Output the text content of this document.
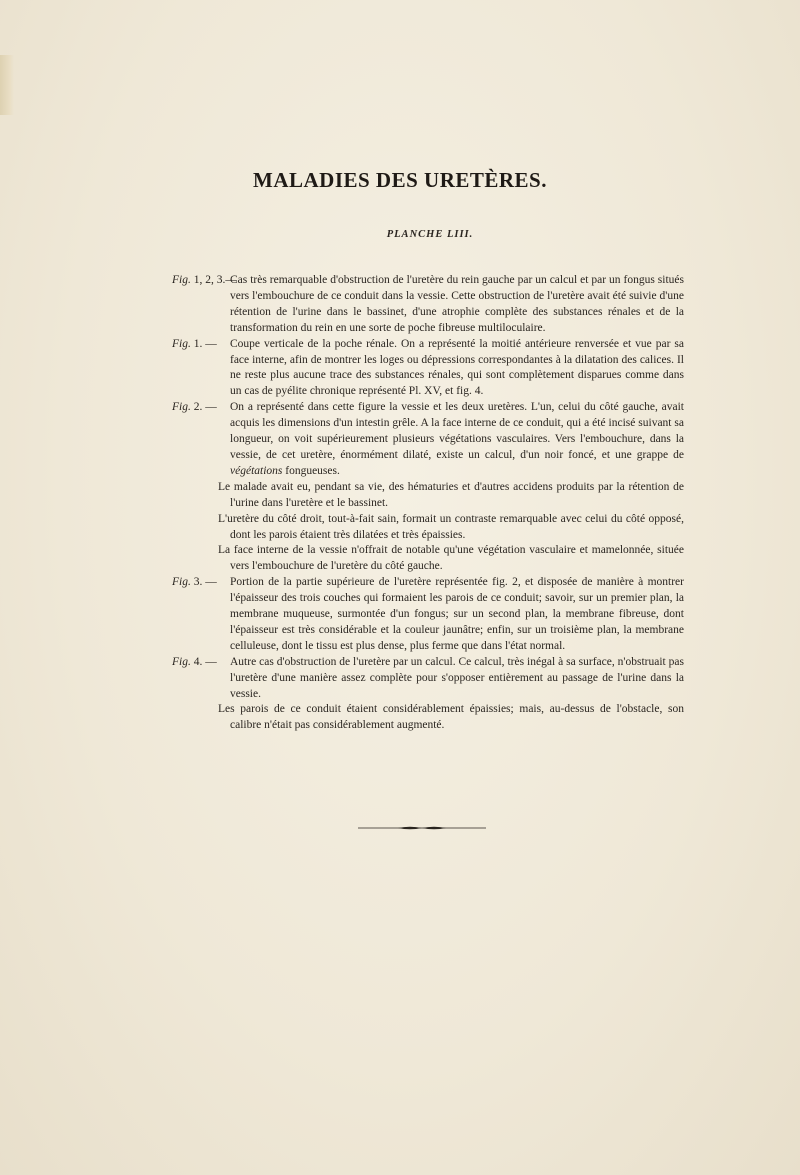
MALADIES DES URETÈRES.
PLANCHE LIII.
Fig. 1, 2, 3.—
Cas très remarquable d'obstruction de l'uretère du rein gauche par un calcul et par un fongus situés vers l'embouchure de ce conduit dans la vessie. Cette obstruction de l'uretère avait été suivie d'une rétention de l'urine dans le bassinet, d'une atrophie complète des substances rénales et de la transformation du rein en une sorte de poche fibreuse multiloculaire.
Fig. 1. — Coupe verticale de la poche rénale. On a représenté la moitié antérieure renversée et vue par sa face interne, afin de montrer les loges ou dépressions correspondantes à la dilatation des calices. Il ne reste plus aucune trace des substances rénales, qui sont complètement disparues comme dans un cas de pyélite chronique représenté Pl. XV, et fig. 4.
Fig. 2. — On a représenté dans cette figure la vessie et les deux uretères. L'un, celui du côté gauche, avait acquis les dimensions d'un intestin grêle. A la face interne de ce conduit, qui a été incisé suivant sa longueur, on voit supérieurement plusieurs végétations vasculaires. Vers l'embouchure, dans la vessie, de cet uretère, énormément dilaté, existe un calcul, d'un noir foncé, et une grappe de végétations fongueuses.
Le malade avait eu, pendant sa vie, des hématuries et d'autres accidens produits par la rétention de l'urine dans l'uretère et le bassinet.
L'uretère du côté droit, tout-à-fait sain, formait un contraste remarquable avec celui du côté opposé, dont les parois étaient très dilatées et très épaissies.
La face interne de la vessie n'offrait de notable qu'une végétation vasculaire et mamelonnée, située vers l'embouchure de l'uretère du côté gauche.
Fig. 3. — Portion de la partie supérieure de l'uretère représentée fig. 2, et disposée de manière à montrer l'épaisseur des trois couches qui formaient les parois de ce conduit; savoir, sur un premier plan, la membrane muqueuse, surmontée d'un fongus; sur un second plan, la membrane fibreuse, dont l'épaisseur est très considérable et la couleur jaunâtre; enfin, sur un troisième plan, la membrane celluleuse, dont le tissu est plus dense, plus ferme que dans l'état normal.
Fig. 4. — Autre cas d'obstruction de l'uretère par un calcul. Ce calcul, très inégal à sa surface, n'obstruait pas l'uretère d'une manière assez complète pour s'opposer entièrement au passage de l'urine dans la vessie.
Les parois de ce conduit étaient considérablement épaissies; mais, au-dessus de l'obstacle, son calibre n'était pas considérablement augmenté.
